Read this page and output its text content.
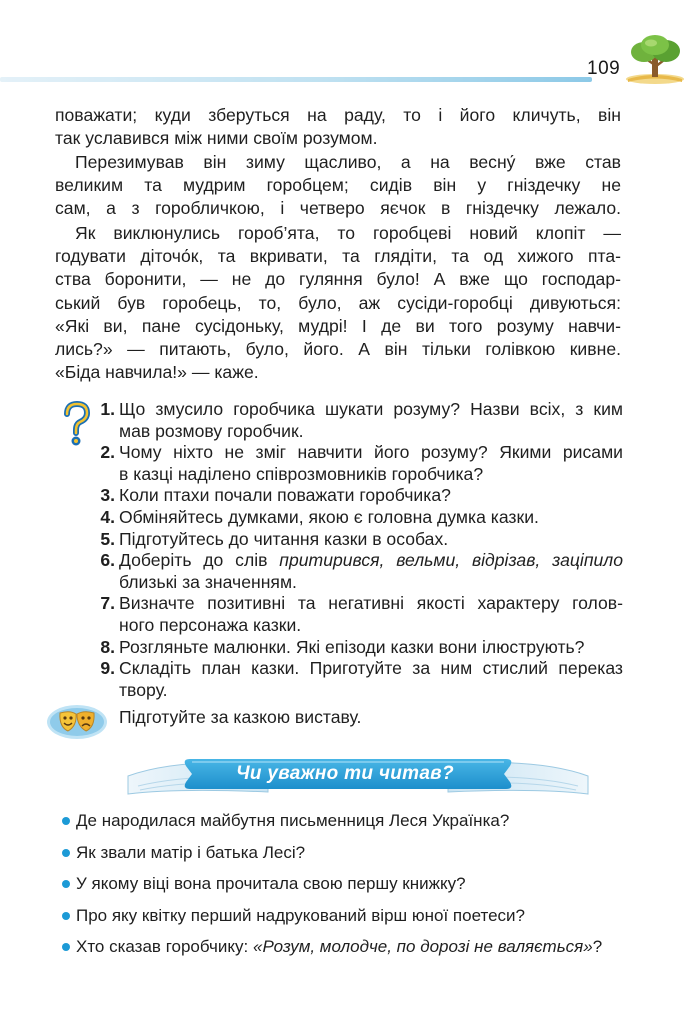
109

поважати; куди зберуться на раду, то і його кличуть, він

так уславився між ними своїм розумом.

Перезимував він зиму щасливо, а на весну́ вже став

великим та мудрим горобцем; сидів він у гніздечку не

сам, а з горобличкою, і четверо яєчок в гніздечку лежало.

Як виклюнулись гороб’ята, то горобцеві новий клопіт —

годувати діточо́к, та вкривати, та глядіти, та од хижого пта-

ства боронити, — не до гуляння було! А вже що господар-

ський був горобець, то, було, аж сусіди-горобці дивуються:

«Які ви, пане сусідоньку, мудрі! І де ви того розуму навчи-

лись?» — питають, було, його. А він тільки голівкою кивне.

«Біда навчила!» — каже.

1. Що змусило горобчика шукати розуму? Назви всіх, з ким
мав розмову горобчик.
2. Чому ніхто не зміг навчити його розуму? Якими рисами
в казці наділено співрозмовників горобчика?
3. Коли птахи почали поважати горобчика?
4. Обміняйтесь думками, якою є головна думка казки.
5. Підготуйтесь до читання казки в особах.
6. Доберіть до слів притирився, вельми, відрізав, заціпило
близькі за значенням.
7. Визначте позитивні та негативні якості характеру голов-
ного персонажа казки.
8. Розгляньте малюнки. Які епізоди казки вони ілюструють?
9. Складіть план казки. Приготуйте за ним стислий переказ
твору.
Підготуйте за казкою виставу.
Чи уважно ти читав?
Де народилася майбутня письменниця Леся Українка?
Як звали матір і батька Лесі?
У якому віці вона прочитала свою першу книжку?
Про яку квітку перший надрукований вірш юної поетеси?
Хто сказав горобчику: «Розум, молодче, по дорозі не валяється»?
